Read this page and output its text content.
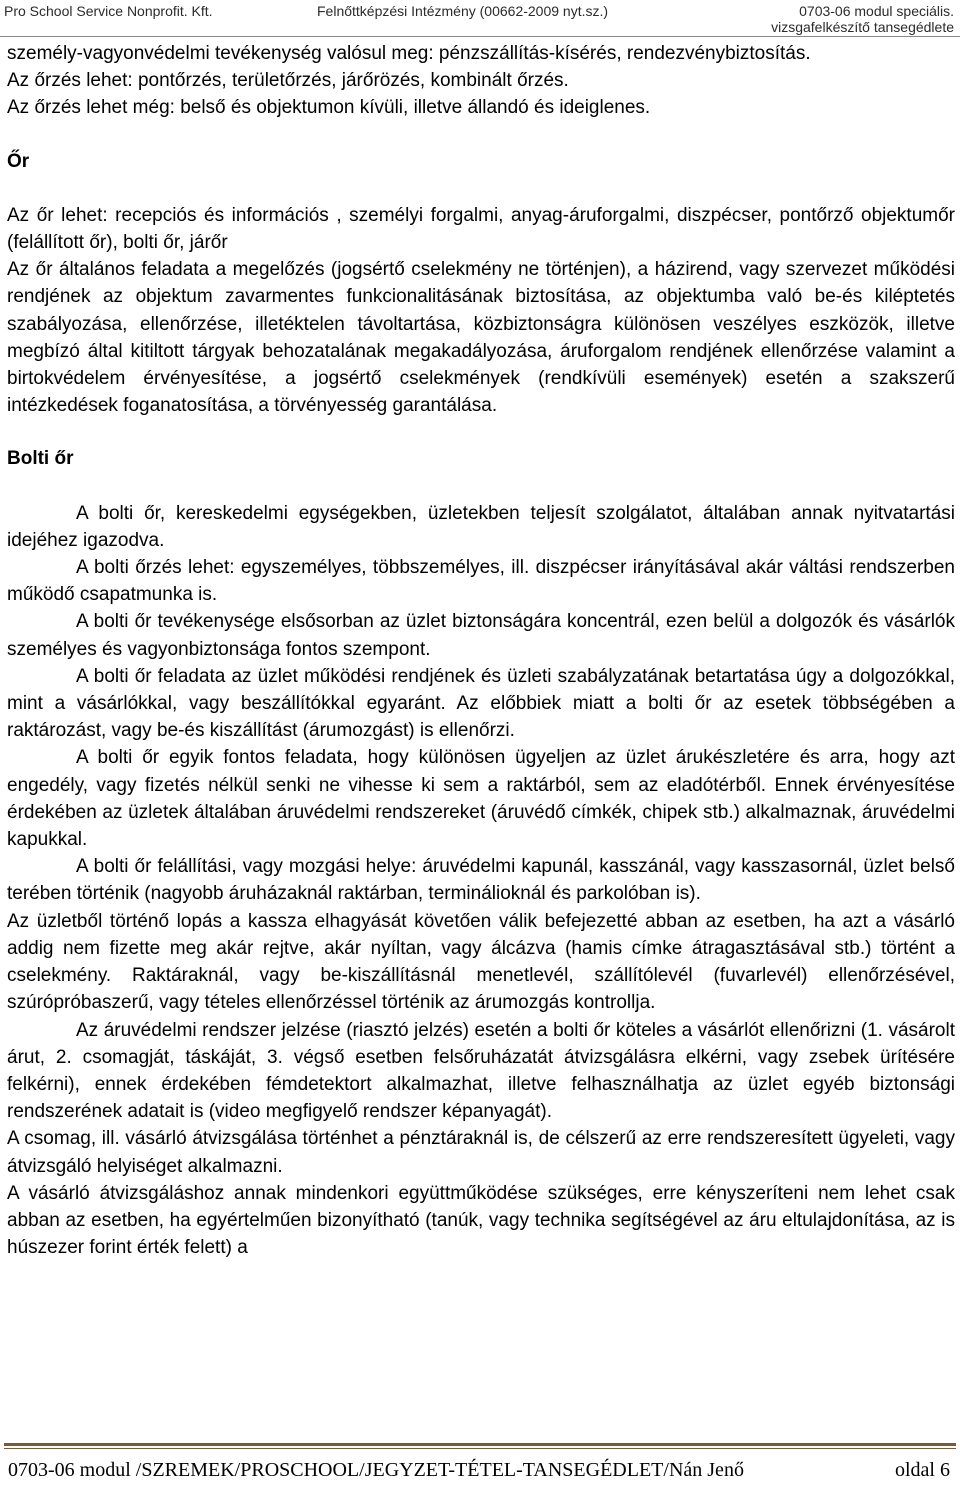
Pro School Service Nonprofit. Kft.	Felnőttképzési Intézmény (00662-2009 nyt.sz.)	0703-06 modul speciális.
vizsgafelkészítő tansegédlete

személy-vagyonvédelmi tevékenység valósul meg: pénzszállítás-kísérés, rendezvénybiztosítás.

Az őrzés lehet: pontőrzés, területőrzés, járőrözés, kombinált őrzés.

Az őrzés lehet még: belső és objektumon kívüli, illetve állandó és ideiglenes.

Őr

Az őr lehet: recepciós és információs , személyi forgalmi, anyag-áruforgalmi, diszpécser, pontőrző objektumőr (felállított őr), bolti őr, járőr

Az őr általános feladata a megelőzés (jogsértő cselekmény ne történjen), a házirend, vagy szervezet működési rendjének az objektum zavarmentes funkcionalitásának biztosítása, az objektumba való be-és kiléptetés szabályozása, ellenőrzése, illetéktelen távoltartása, közbiztonságra különösen veszélyes eszközök, illetve megbízó által kitiltott tárgyak behozatalának megakadályozása, áruforgalom rendjének ellenőrzése valamint a birtokvédelem érvényesítése, a jogsértő cselekmények (rendkívüli események) esetén a szakszerű intézkedések foganatosítása, a törvényesség garantálása.

Bolti őr

A bolti őr, kereskedelmi egységekben, üzletekben teljesít szolgálatot, általában annak nyitvatartási idejéhez igazodva.

A bolti őrzés lehet: egyszemélyes, többszemélyes, ill. diszpécser irányításával akár váltási rendszerben működő csapatmunka is.

A bolti őr tevékenysége elsősorban az üzlet biztonságára koncentrál, ezen belül a dolgozók és vásárlók személyes és vagyonbiztonsága fontos szempont.

A bolti őr feladata az üzlet működési rendjének és üzleti szabályzatának betartatása úgy a dolgozókkal, mint a vásárlókkal, vagy beszállítókkal egyaránt. Az előbbiek miatt a bolti őr az esetek többségében a raktározást, vagy be-és kiszállítást (árumozgást) is ellenőrzi.

A bolti őr egyik fontos feladata, hogy különösen ügyeljen az üzlet árukészletére és arra, hogy azt engedély, vagy fizetés nélkül senki ne vihesse ki sem a raktárból, sem az eladótérből. Ennek érvényesítése érdekében az üzletek általában áruvédelmi rendszereket (áruvédő címkék, chipek stb.) alkalmaznak, áruvédelmi kapukkal.

A bolti őr felállítási, vagy mozgási helye: áruvédelmi kapunál, kasszánál, vagy kasszasornál, üzlet belső terében történik (nagyobb áruházaknál raktárban, terminálioknál és parkolóban is).

Az üzletből történő lopás a kassza elhagyását követően válik befejezetté abban az esetben, ha azt a vásárló addig nem fizette meg akár rejtve, akár nyíltan, vagy álcázva (hamis címke átragasztásával stb.) történt a cselekmény. Raktáraknál, vagy be-kiszállításnál menetlevél, szállítólevél (fuvarlevél) ellenőrzésével, szúrópróbaszerű, vagy tételes ellenőrzéssel történik az árumozgás kontrollja.

Az áruvédelmi rendszer jelzése (riasztó jelzés) esetén a bolti őr köteles a vásárlót ellenőrizni (1. vásárolt árut, 2. csomagját, táskáját, 3. végső esetben felsőruházatát átvizsgálásra elkérni, vagy zsebek ürítésére felkérni), ennek érdekében fémdetektort alkalmazhat, illetve felhasználhatja az üzlet egyéb biztonsági rendszerének adatait is (video megfigyelő rendszer képanyagát).

A csomag, ill. vásárló átvizsgálása történhet a pénztáraknál is, de célszerű az erre rendszeresített ügyeleti, vagy átvizsgáló helyiséget alkalmazni.

A vásárló átvizsgáláshoz annak mindenkori együttműködése szükséges, erre kényszeríteni nem lehet csak abban az esetben, ha egyértelműen bizonyítható (tanúk, vagy technika segítségével az áru eltulajdonítása, az is húszezer forint érték felett) a

0703-06 modul /SZREMEK/PROSCHOOL/JEGYZET-TÉTEL-TANSEGÉDLET/Nán Jenő	oldal 6
